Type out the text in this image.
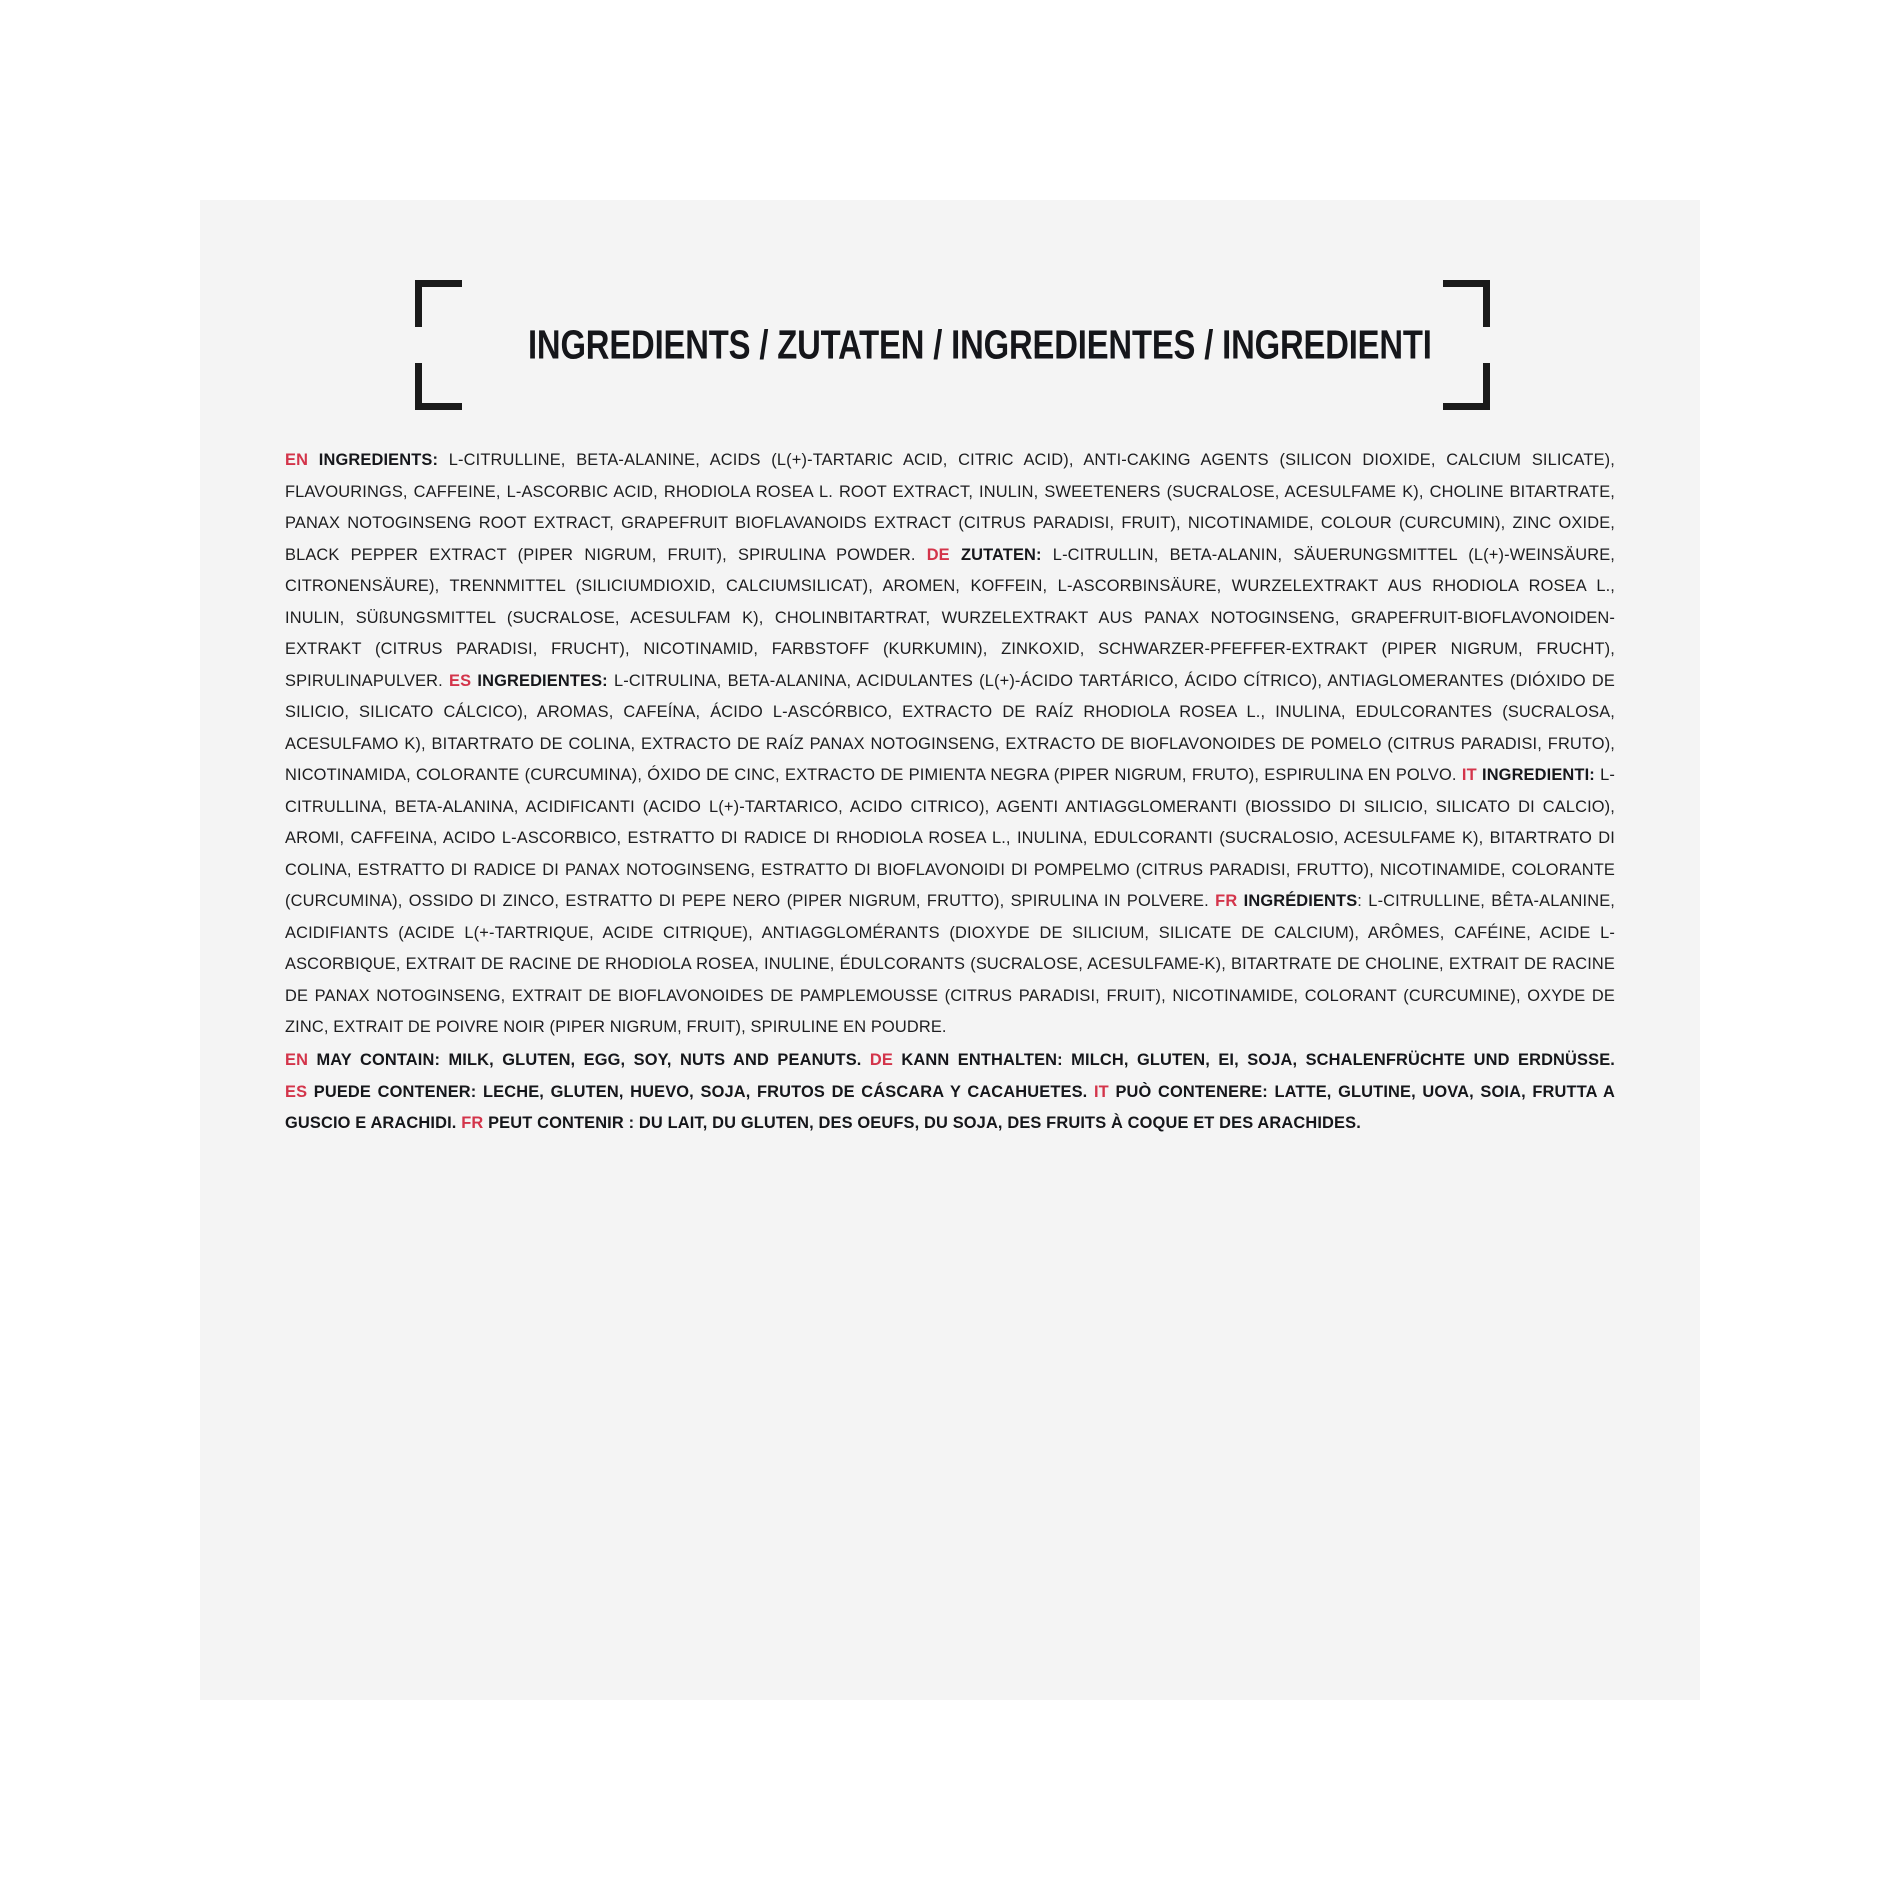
INGREDIENTS / ZUTATEN / INGREDIENTES / INGREDIENTI
EN INGREDIENTS: L-CITRULLINE, BETA-ALANINE, ACIDS (L(+)-TARTARIC ACID, CITRIC ACID), ANTI-CAKING AGENTS (SILICON DIOXIDE, CALCIUM SILICATE), FLAVOURINGS, CAFFEINE, L-ASCORBIC ACID, RHODIOLA ROSEA L. ROOT EXTRACT, INULIN, SWEETENERS (SUCRALOSE, ACESULFAME K), CHOLINE BITARTRATE, PANAX NOTOGINSENG ROOT EXTRACT, GRAPEFRUIT BIOFLAVANOIDS EXTRACT (CITRUS PARADISI, FRUIT), NICOTINAMIDE, COLOUR (CURCUMIN), ZINC OXIDE, BLACK PEPPER EXTRACT (PIPER NIGRUM, FRUIT), SPIRULINA POWDER. DE ZUTATEN: L-CITRULLIN, BETA-ALANIN, SÄUERUNGSMITTEL (L(+)-WEINSÄURE, CITRONENSÄURE), TRENNMITTEL (SILICIUMDIOXID, CALCIUMSILICAT), AROMEN, KOFFEIN, L-ASCORBINSÄURE, WURZELEXTRAKT AUS RHODIOLA ROSEA L., INULIN, SÜßUNGSMITTEL (SUCRALOSE, ACESULFAM K), CHOLINBITARTRAT, WURZELEXTRAKT AUS PANAX NOTOGINSENG, GRAPEFRUIT-BIOFLAVONOIDEN-EXTRAKT (CITRUS PARADISI, FRUCHT), NICOTINAMID, FARBSTOFF (KURKUMIN), ZINKOXID, SCHWARZER-PFEFFER-EXTRAKT (PIPER NIGRUM, FRUCHT), SPIRULINAPULVER. ES INGREDIENTES: L-CITRULINA, BETA-ALANINA, ACIDULANTES (L(+)-ÁCIDO TARTÁRICO, ÁCIDO CÍTRICO), ANTIAGLOMERANTES (DIÓXIDO DE SILICIO, SILICATO CÁLCICO), AROMAS, CAFEÍNA, ÁCIDO L-ASCÓRBICO, EXTRACTO DE RAÍZ RHODIOLA ROSEA L., INULINA, EDULCORANTES (SUCRALOSA, ACESULFAMO K), BITARTRATO DE COLINA, EXTRACTO DE RAÍZ PANAX NOTOGINSENG, EXTRACTO DE BIOFLAVONOIDES DE POMELO (CITRUS PARADISI, FRUTO), NICOTINAMIDA, COLORANTE (CURCUMINA), ÓXIDO DE CINC, EXTRACTO DE PIMIENTA NEGRA (PIPER NIGRUM, FRUTO), ESPIRULINA EN POLVO. IT INGREDIENTI: L-CITRULLINA, BETA-ALANINA, ACIDIFICANTI (ACIDO L(+)-TARTARICO, ACIDO CITRICO), AGENTI ANTIAGGLOMERANTI (BIOSSIDO DI SILICIO, SILICATO DI CALCIO), AROMI, CAFFEINA, ACIDO L-ASCORBICO, ESTRATTO DI RADICE DI RHODIOLA ROSEA L., INULINA, EDULCORANTI (SUCRALOSIO, ACESULFAME K), BITARTRATO DI COLINA, ESTRATTO DI RADICE DI PANAX NOTOGINSENG, ESTRATTO DI BIOFLAVONOIDI DI POMPELMO (CITRUS PARADISI, FRUTTO), NICOTINAMIDE, COLORANTE (CURCUMINA), OSSIDO DI ZINCO, ESTRATTO DI PEPE NERO (PIPER NIGRUM, FRUTTO), SPIRULINA IN POLVERE. FR INGRÉDIENTS: L-CITRULLINE, BÊTA-ALANINE, ACIDIFIANTS (ACIDE L(+-TARTRIQUE, ACIDE CITRIQUE), ANTIAGGLOMÉRANTS (DIOXYDE DE SILICIUM, SILICATE DE CALCIUM), ARÔMES, CAFÉINE, ACIDE L-ASCORBIQUE, EXTRAIT DE RACINE DE RHODIOLA ROSEA, INULINE, ÉDULCORANTS (SUCRALOSE, ACESULFAME-K), BITARTRATE DE CHOLINE, EXTRAIT DE RACINE DE PANAX NOTOGINSENG, EXTRAIT DE BIOFLAVONOIDES DE PAMPLEMOUSSE (CITRUS PARADISI, FRUIT), NICOTINAMIDE, COLORANT (CURCUMINE), OXYDE DE ZINC, EXTRAIT DE POIVRE NOIR (PIPER NIGRUM, FRUIT), SPIRULINE EN POUDRE.
EN MAY CONTAIN: MILK, GLUTEN, EGG, SOY, NUTS AND PEANUTS. DE KANN ENTHALTEN: MILCH, GLUTEN, EI, SOJA, SCHALENFRÜCHTE UND ERDNÜSSE. ES PUEDE CONTENER: LECHE, GLUTEN, HUEVO, SOJA, FRUTOS DE CÁSCARA Y CACAHUETES. IT PUÒ CONTENERE: LATTE, GLUTINE, UOVA, SOIA, FRUTTA A GUSCIO E ARACHIDI. FR PEUT CONTENIR : DU LAIT, DU GLUTEN, DES OEUFS, DU SOJA, DES FRUITS À COQUE ET DES ARACHIDES.
